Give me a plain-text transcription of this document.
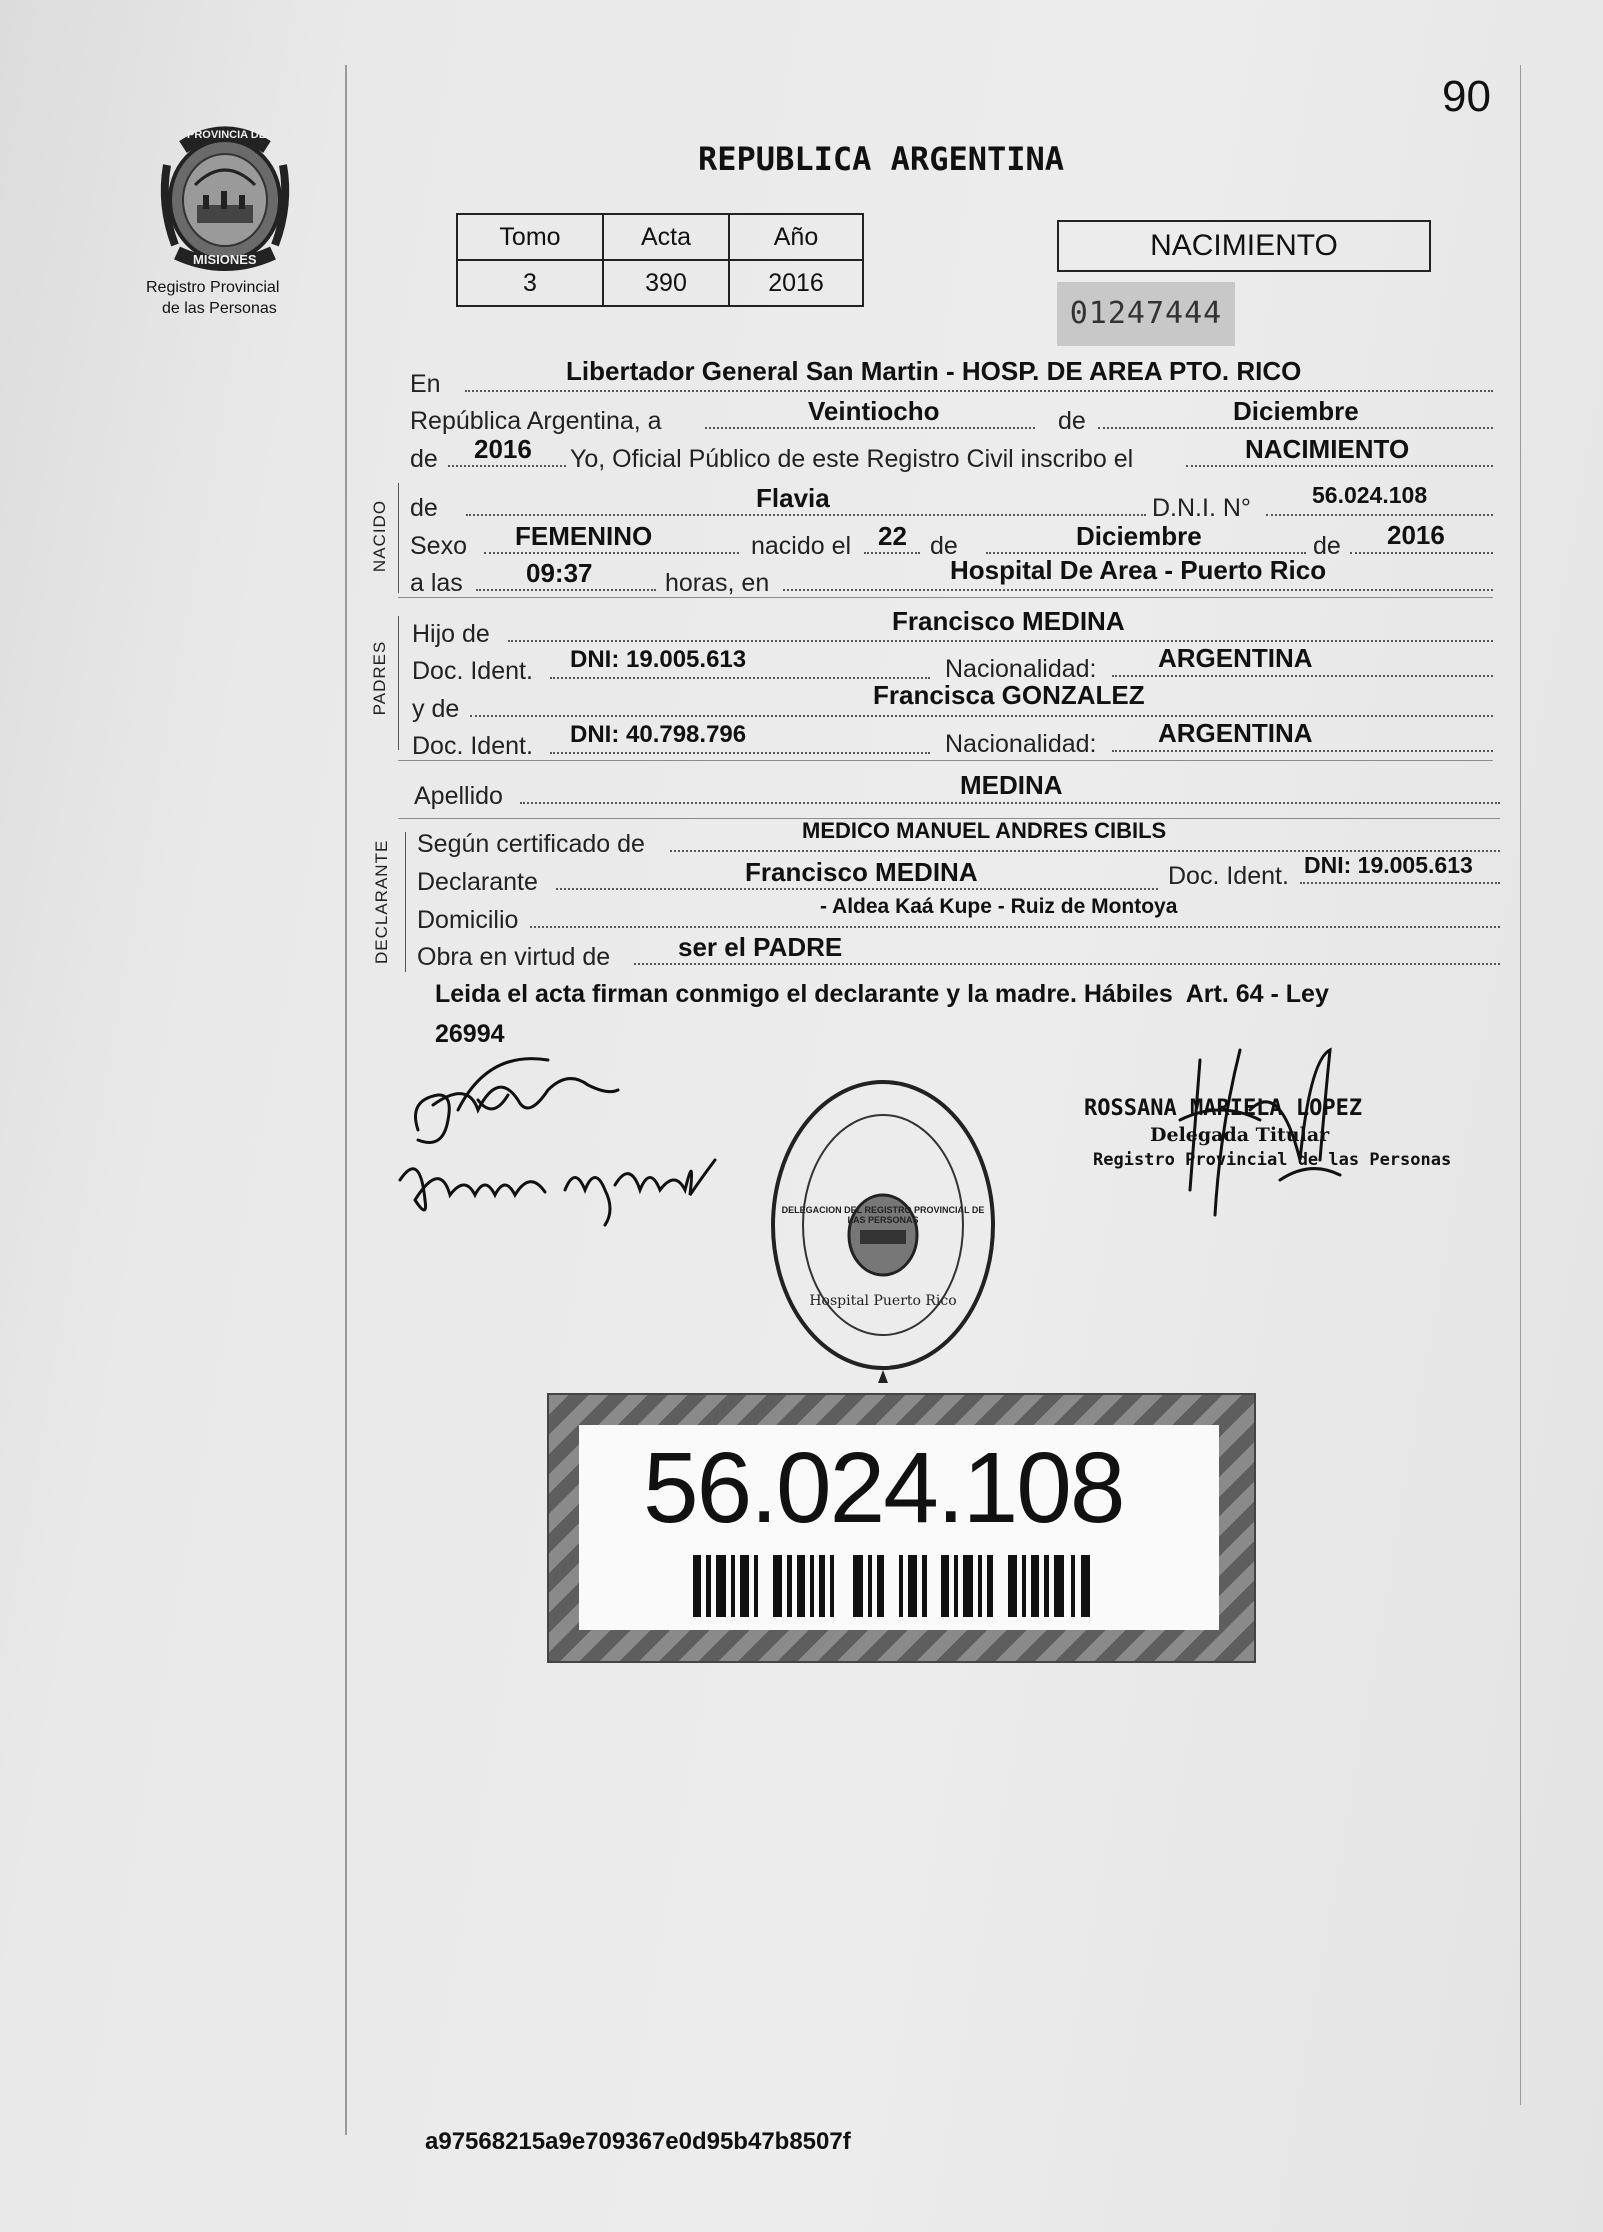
90
PROVINCIA DE
MISIONES
Registro Provincial
de las Personas
REPUBLICA ARGENTINA
Tomo	Acta	Año
3	390	2016
NACIMIENTO
01247444
En	Libertador General San Martin - HOSP. DE AREA PTO. RICO
República Argentina, a	Veintiocho	de	Diciembre
de 2016 Yo, Oficial Público de este Registro Civil inscribo el	NACIMIENTO
NACIDO de	Flavia	D.N.I. N°	56.024.108
Sexo FEMENINO	nacido el 22 de	Diciembre	de 2016
a las 09:37	horas, en	Hospital De Area - Puerto Rico
PADRES
Hijo de	Francisco MEDINA
Doc. Ident. DNI: 19.005.613	Nacionalidad: ARGENTINA
y de	Francisca GONZALEZ
Doc. Ident. DNI: 40.798.796	Nacionalidad: ARGENTINA
Apellido	MEDINA
DECLARANTE Según certificado de	MEDICO MANUEL ANDRES CIBILS
Declarante	Francisco MEDINA	Doc. Ident. DNI: 19.005.613
Domicilio	- Aldea Kaá Kupe - Ruiz de Montoya
Obra en virtud de	ser el PADRE
Leida el acta firman conmigo el declarante y la madre. Hábiles  Art. 64 - Ley
26994
ROSSANA MARIELA LOPEZ
Delegada Titular
Registro Provincial de las Personas
DELEGACION DEL REGISTRO PROVINCIAL DE LAS PERSONAS
Hospital Puerto Rico
56.024.108
a97568215a9e709367e0d95b47b8507f
